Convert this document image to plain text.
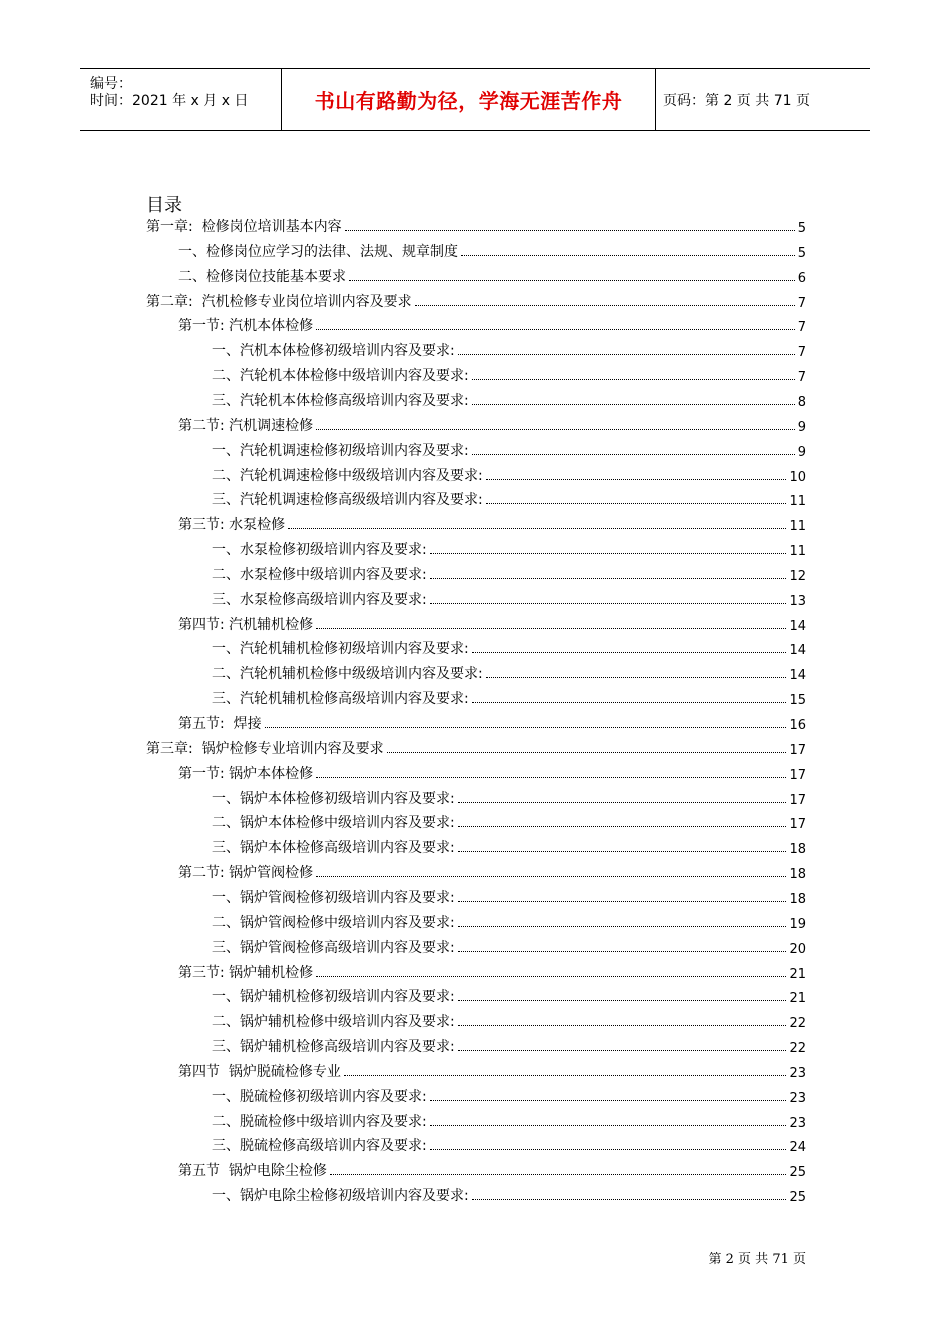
编号：
时间：2021 年 x 月 x 日	书山有路勤为径，学海无涯苦作舟	页码：第 2 页 共 71 页
目录
第一章:  检修岗位培训基本内容	5
一、检修岗位应学习的法律、法规、规章制度	5
二、检修岗位技能基本要求	6
第二章:  汽机检修专业岗位培训内容及要求	7
第一节: 汽机本体检修	7
一、汽机本体检修初级培训内容及要求:	7
二、汽轮机本体检修中级培训内容及要求:	7
三、汽轮机本体检修高级培训内容及要求:	8
第二节: 汽机调速检修	9
一、汽轮机调速检修初级培训内容及要求:	9
二、汽轮机调速检修中级级培训内容及要求:	10
三、汽轮机调速检修高级级培训内容及要求:	11
第三节: 水泵检修	11
一、水泵检修初级培训内容及要求:	11
二、水泵检修中级培训内容及要求:	12
三、水泵检修高级培训内容及要求:	13
第四节: 汽机辅机检修	14
一、汽轮机辅机检修初级培训内容及要求:	14
二、汽轮机辅机检修中级级培训内容及要求:	14
三、汽轮机辅机检修高级培训内容及要求:	15
第五节:  焊接	16
第三章:  锅炉检修专业培训内容及要求	17
第一节: 锅炉本体检修	17
一、锅炉本体检修初级培训内容及要求:	17
二、锅炉本体检修中级培训内容及要求:	17
三、锅炉本体检修高级培训内容及要求:	18
第二节: 锅炉管阀检修	18
一、锅炉管阀检修初级培训内容及要求:	18
二、锅炉管阀检修中级培训内容及要求:	19
三、锅炉管阀检修高级培训内容及要求:	20
第三节: 锅炉辅机检修	21
一、锅炉辅机检修初级培训内容及要求:	21
二、锅炉辅机检修中级培训内容及要求:	22
三、锅炉辅机检修高级培训内容及要求:	22
第四节  锅炉脱硫检修专业	23
一、脱硫检修初级培训内容及要求:	23
二、脱硫检修中级培训内容及要求:	23
三、脱硫检修高级培训内容及要求:	24
第五节  锅炉电除尘检修	25
一、锅炉电除尘检修初级培训内容及要求:	25
第 2 页 共 71 页
